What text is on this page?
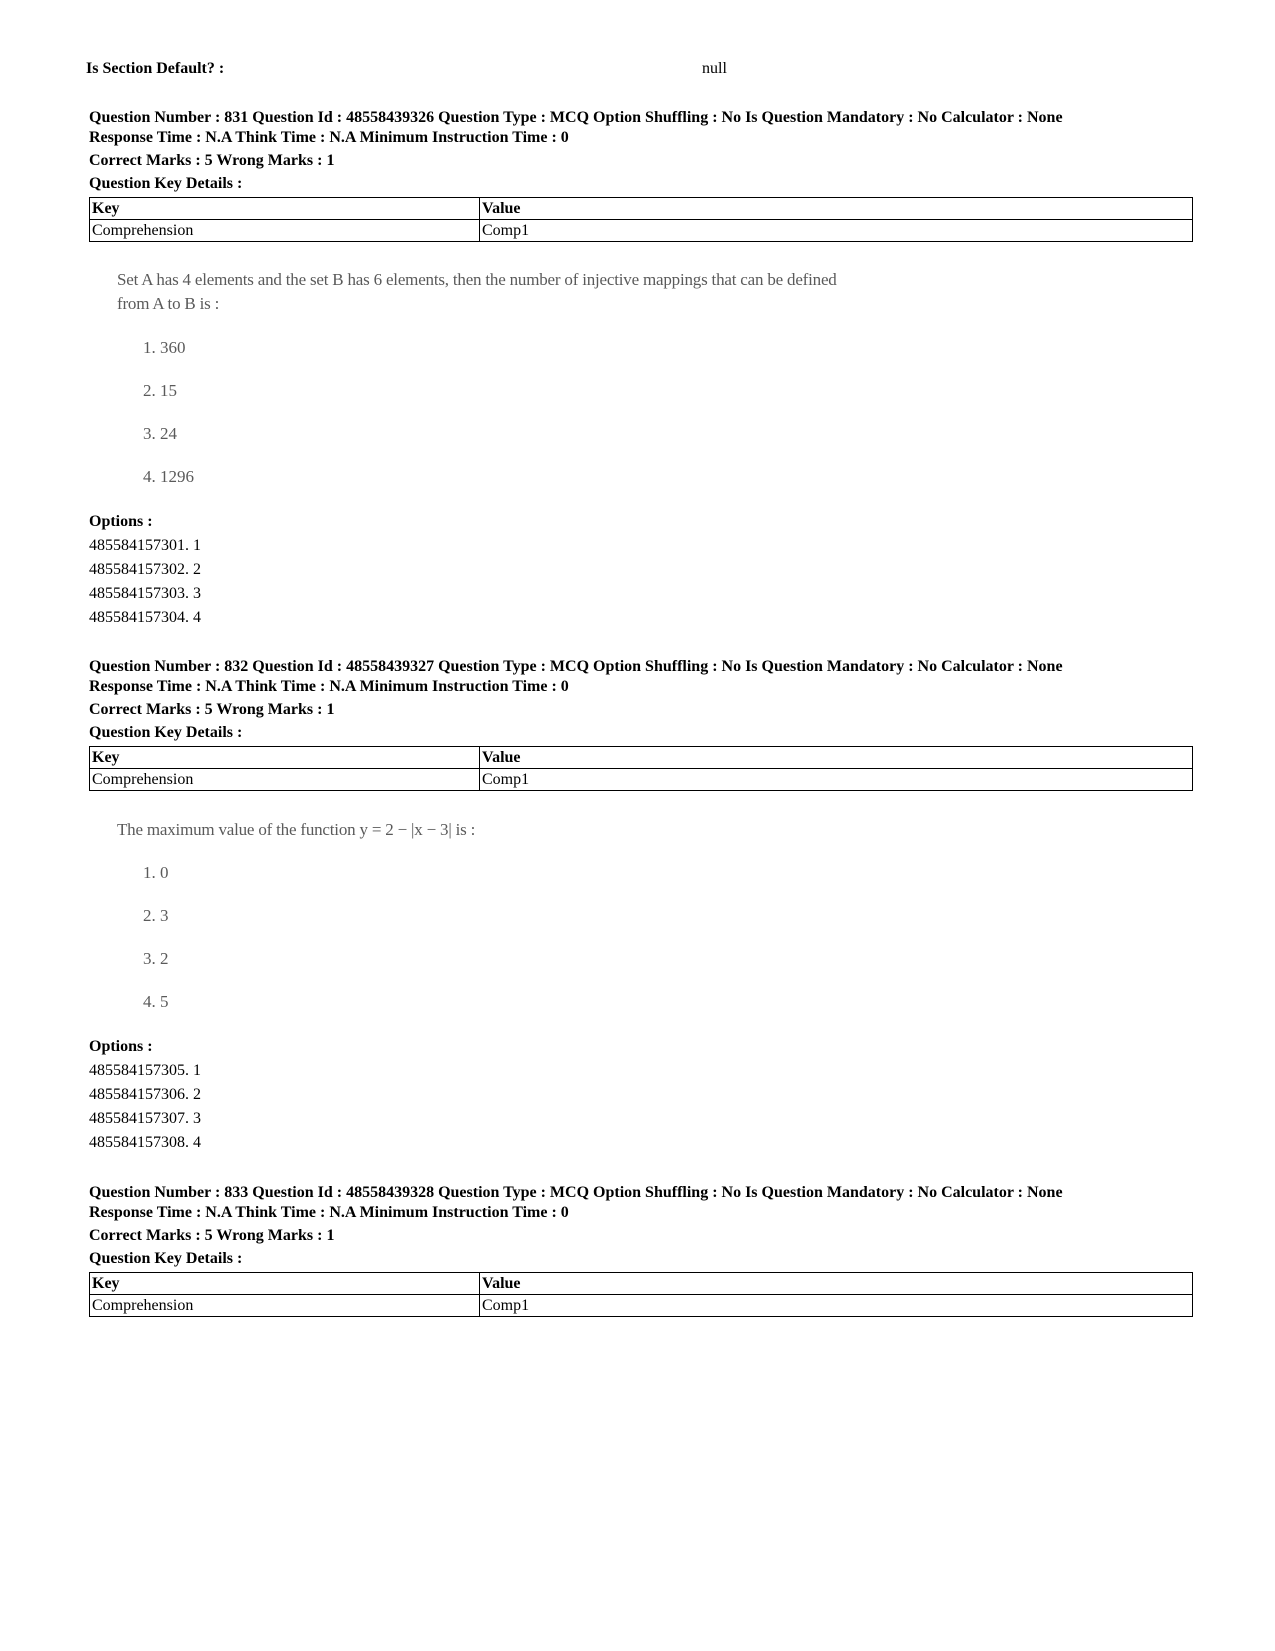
Is Section Default? :	null
Question Number : 831 Question Id : 48558439326 Question Type : MCQ Option Shuffling : No Is Question Mandatory : No Calculator : None
Response Time : N.A Think Time : N.A Minimum Instruction Time : 0
Correct Marks : 5 Wrong Marks : 1
Question Key Details :
Key	Value
Comprehension	Comp1
Set A has 4 elements and the set B has 6 elements, then the number of injective mappings that can be defined
from A to B is :
1. 360
2. 15
3. 24
4. 1296
Options :
485584157301. 1
485584157302. 2
485584157303. 3
485584157304. 4
Question Number : 832 Question Id : 48558439327 Question Type : MCQ Option Shuffling : No Is Question Mandatory : No Calculator : None
Response Time : N.A Think Time : N.A Minimum Instruction Time : 0
Correct Marks : 5 Wrong Marks : 1
Question Key Details :
Key	Value
Comprehension	Comp1
The maximum value of the function y = 2 − |x − 3| is :
1. 0
2. 3
3. 2
4. 5
Options :
485584157305. 1
485584157306. 2
485584157307. 3
485584157308. 4
Question Number : 833 Question Id : 48558439328 Question Type : MCQ Option Shuffling : No Is Question Mandatory : No Calculator : None
Response Time : N.A Think Time : N.A Minimum Instruction Time : 0
Correct Marks : 5 Wrong Marks : 1
Question Key Details :
Key	Value
Comprehension	Comp1
